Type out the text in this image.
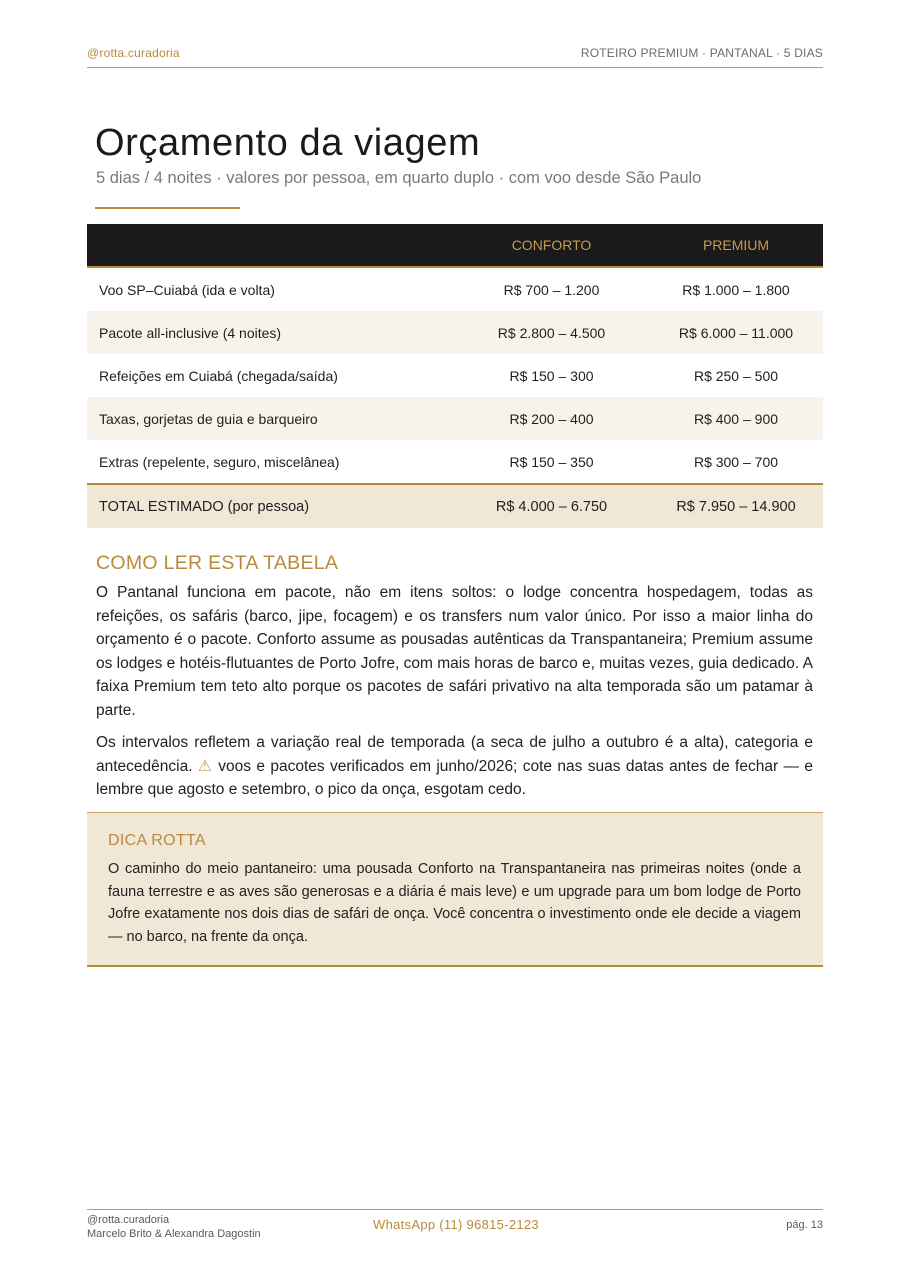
@rotta.curadoria	ROTEIRO PREMIUM · PANTANAL · 5 DIAS
Orçamento da viagem
5 dias / 4 noites · valores por pessoa, em quarto duplo · com voo desde São Paulo
	CONFORTO	PREMIUM
Voo SP–Cuiabá (ida e volta)	R$ 700 – 1.200	R$ 1.000 – 1.800
Pacote all-inclusive (4 noites)	R$ 2.800 – 4.500	R$ 6.000 – 11.000
Refeições em Cuiabá (chegada/saída)	R$ 150 – 300	R$ 250 – 500
Taxas, gorjetas de guia e barqueiro	R$ 200 – 400	R$ 400 – 900
Extras (repelente, seguro, miscelânea)	R$ 150 – 350	R$ 300 – 700
TOTAL ESTIMADO (por pessoa)	R$ 4.000 – 6.750	R$ 7.950 – 14.900
COMO LER ESTA TABELA

O Pantanal funciona em pacote, não em itens soltos: o lodge concentra hospedagem, todas as refeições, os safáris (barco, jipe, focagem) e os transfers num valor único. Por isso a maior linha do orçamento é o pacote. Conforto assume as pousadas autênticas da Transpantaneira; Premium assume os lodges e hotéis-flutuantes de Porto Jofre, com mais horas de barco e, muitas vezes, guia dedicado. A faixa Premium tem teto alto porque os pacotes de safári privativo na alta temporada são um patamar à parte.

Os intervalos refletem a variação real de temporada (a seca de julho a outubro é a alta), categoria e antecedência. ⚠ voos e pacotes verificados em junho/2026; cote nas suas datas antes de fechar — e lembre que agosto e setembro, o pico da onça, esgotam cedo.

DICA ROTTA

O caminho do meio pantaneiro: uma pousada Conforto na Transpantaneira nas primeiras noites (onde a fauna terrestre e as aves são generosas e a diária é mais leve) e um upgrade para um bom lodge de Porto Jofre exatamente nos dois dias de safári de onça. Você concentra o investimento onde ele decide a viagem — no barco, na frente da onça.

@rotta.curadoria
Marcelo Brito & Alexandra Dagostin
WhatsApp (11) 96815-2123	pág. 13
